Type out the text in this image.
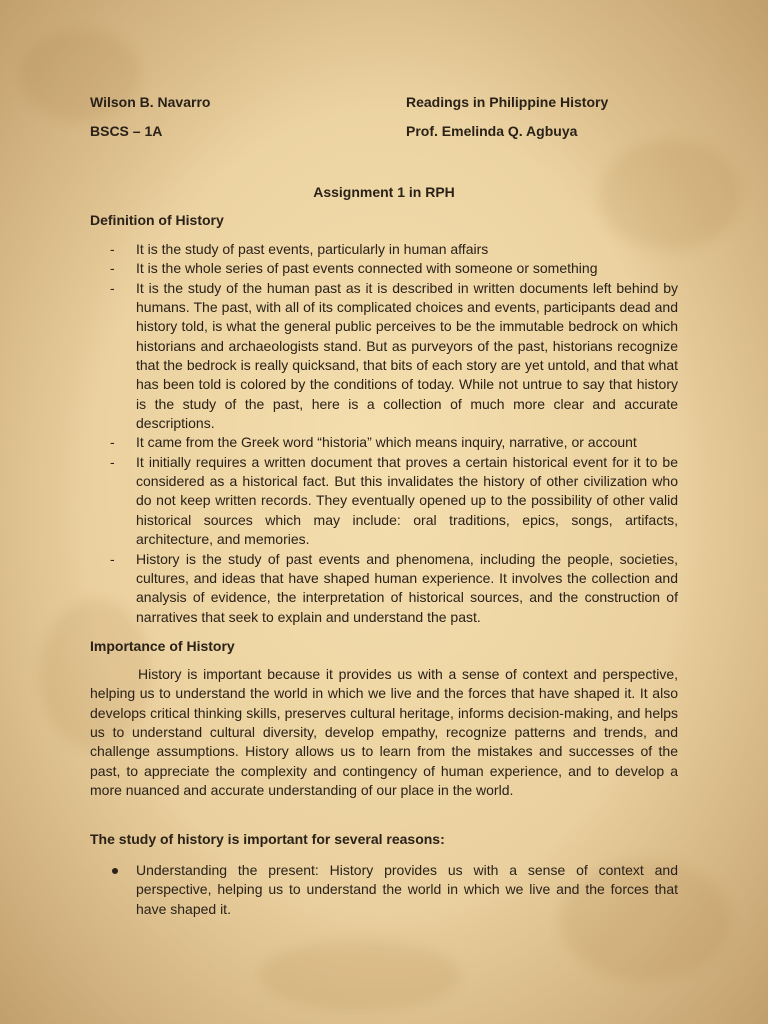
Wilson B. Navarro	Readings in Philippine History
BSCS – 1A	Prof. Emelinda Q. Agbuya
Assignment 1 in RPH
Definition of History
- It is the study of past events, particularly in human affairs
- It is the whole series of past events connected with someone or something
- It is the study of the human past as it is described in written documents left behind by humans. The past, with all of its complicated choices and events, participants dead and history told, is what the general public perceives to be the immutable bedrock on which historians and archaeologists stand. But as purveyors of the past, historians recognize that the bedrock is really quicksand, that bits of each story are yet untold, and that what has been told is colored by the conditions of today. While not untrue to say that history is the study of the past, here is a collection of much more clear and accurate descriptions.
- It came from the Greek word “historia” which means inquiry, narrative, or account
- It initially requires a written document that proves a certain historical event for it to be considered as a historical fact. But this invalidates the history of other civilization who do not keep written records. They eventually opened up to the possibility of other valid historical sources which may include: oral traditions, epics, songs, artifacts, architecture, and memories.
- History is the study of past events and phenomena, including the people, societies, cultures, and ideas that have shaped human experience. It involves the collection and analysis of evidence, the interpretation of historical sources, and the construction of narratives that seek to explain and understand the past.
Importance of History

History is important because it provides us with a sense of context and perspective, helping us to understand the world in which we live and the forces that have shaped it. It also develops critical thinking skills, preserves cultural heritage, informs decision-making, and helps us to understand cultural diversity, develop empathy, recognize patterns and trends, and challenge assumptions. History allows us to learn from the mistakes and successes of the past, to appreciate the complexity and contingency of human experience, and to develop a more nuanced and accurate understanding of our place in the world.

The study of history is important for several reasons:
Understanding the present: History provides us with a sense of context and perspective, helping us to understand the world in which we live and the forces that have shaped it.
